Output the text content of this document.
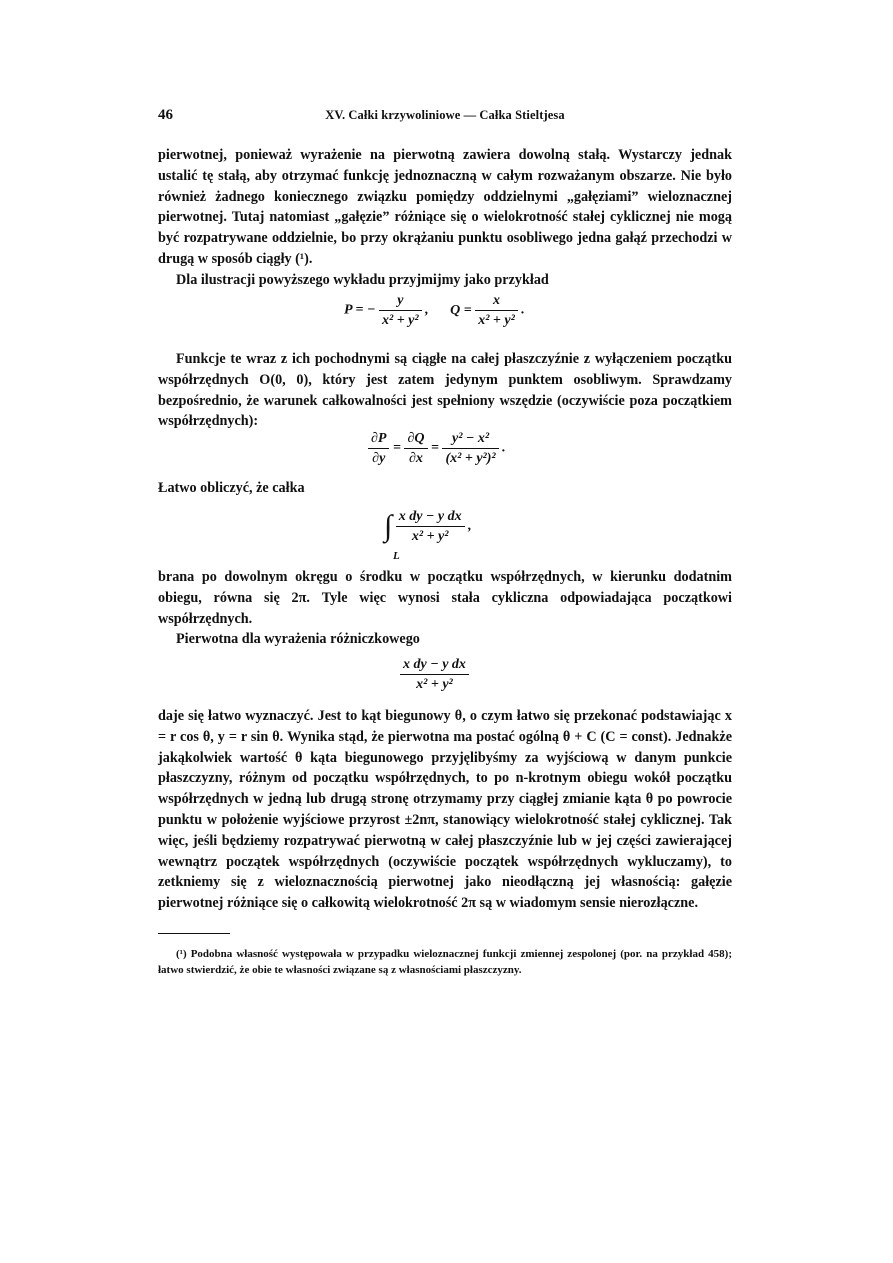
46	XV. Całki krzywoliniowe — Całka Stieltjesa

pierwotnej, ponieważ wyrażenie na pierwotną zawiera dowolną stałą. Wystarczy jednak ustalić tę stałą, aby otrzymać funkcję jednoznaczną w całym rozważanym obszarze. Nie było również żadnego koniecznego związku pomiędzy oddzielnymi „gałęziami” wieloznacznej pierwotnej. Tutaj natomiast „gałęzie” różniące się o wielokrotność stałej cyklicznej nie mogą być rozpatrywane oddzielnie, bo przy okrążaniu punktu osobliwego jedna gałąź przechodzi w drugą w sposób ciągły (¹).

Dla ilustracji powyższego wykładu przyjmijmy jako przykład

P = − $\frac{y}{\text{x² + y²}}$ , $Q = \frac{x}{\text{x² + y²}}$ .

Funkcje te wraz z ich pochodnymi są ciągłe na całej płaszczyźnie z wyłączeniem początku współrzędnych O(0, 0), który jest zatem jedynym punktem osobliwym. Sprawdzamy bezpośrednio, że warunek całkowalności jest spełniony wszędzie (oczywiście poza początkiem współrzędnych):

$\frac{\partial P}{\partial y} = \frac{\partial Q}{\partial x} = \frac{\text{y² − x²}}{\text{(x² + y²)²}}$ .

Łatwo obliczyć, że całka

∫ $\frac{\text{x dy − y dx}}{\text{x² + y²}}$ ,
L

brana po dowolnym okręgu o środku w początku współrzędnych, w kierunku dodatnim obiegu, równa się 2π. Tyle więc wynosi stała cykliczna odpowiadająca początkowi współrzędnych.

Pierwotna dla wyrażenia różniczkowego

$\frac{\text{x dy − y dx}}{\text{x² + y²}}$

daje się łatwo wyznaczyć. Jest to kąt biegunowy θ, o czym łatwo się przekonać podstawiając x = r cos θ, y = r sin θ. Wynika stąd, że pierwotna ma postać ogólną θ + C (C = const). Jednakże jakąkolwiek wartość θ kąta biegunowego przyjęlibyśmy za wyjściową w danym punkcie płaszczyzny, różnym od początku współrzędnych, to po n-krotnym obiegu wokół początku współrzędnych w jedną lub drugą stronę otrzymamy przy ciągłej zmianie kąta θ po powrocie punktu w położenie wyjściowe przyrost ±2nπ, stanowiący wielokrotność stałej cyklicznej. Tak więc, jeśli będziemy rozpatrywać pierwotną w całej płaszczyźnie lub w jej części zawierającej wewnątrz początek współrzędnych (oczywiście początek współrzędnych wykluczamy), to zetkniemy się z wieloznacznością pierwotnej jako nieodłączną jej własnością: gałęzie pierwotnej różniące się o całkowitą wielokrotność 2π są w wiadomym sensie nierozłączne.

(¹) Podobna własność występowała w przypadku wieloznacznej funkcji zmiennej zespolonej (por. na przykład 458); łatwo stwierdzić, że obie te własności związane są z własnościami płaszczyzny.
